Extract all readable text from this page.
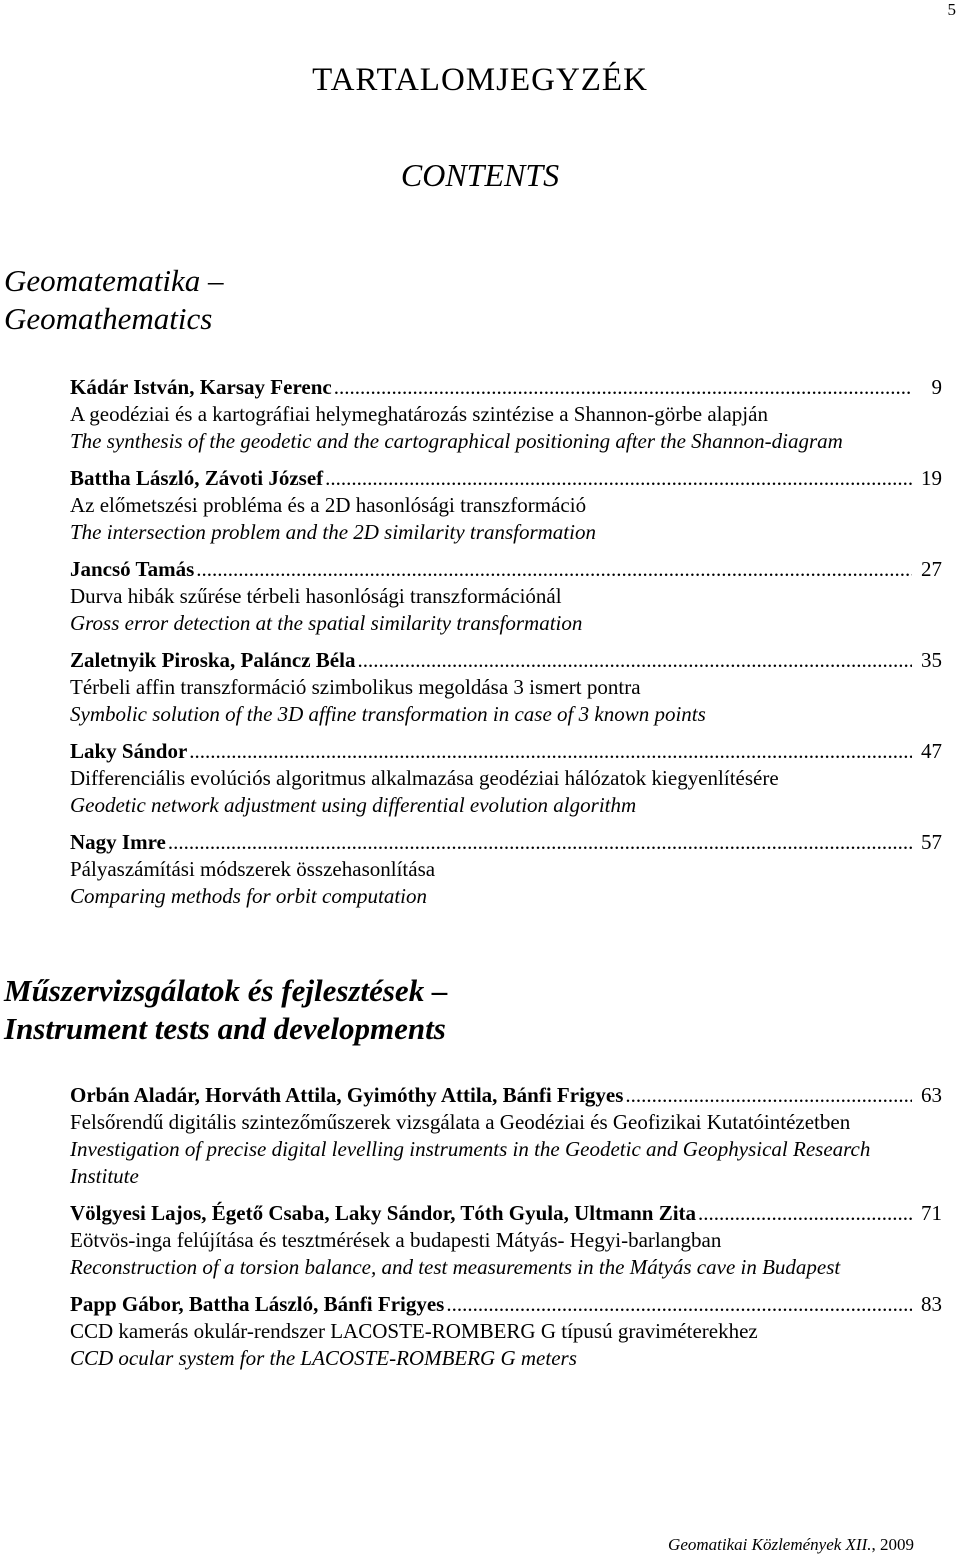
5
TARTALOMJEGYZÉK
CONTENTS
Geomatematika –
Geomathematics
Kádár István, Karsay Ferenc .....	9
A geodéziai és a kartográfiai helymeghatározás szintézise a Shannon-görbe alapján
The synthesis of the geodetic and the cartographical positioning after the Shannon-diagram
Battha László, Závoti József .....	19
Az előmetszési probléma és a 2D hasonlósági transzformáció
The intersection problem and the 2D similarity transformation
Jancsó Tamás .....	27
Durva hibák szűrése térbeli hasonlósági transzformációnál
Gross error detection at the spatial similarity transformation
Zaletnyik Piroska, Paláncz Béla .....	35
Térbeli affin transzformáció szimbolikus megoldása 3 ismert pontra
Symbolic solution of the 3D affine transformation in case of 3 known points
Laky Sándor .....	47
Differenciális evolúciós algoritmus alkalmazása geodéziai hálózatok kiegyenlítésére
Geodetic network adjustment using differential evolution algorithm
Nagy Imre .....	57
Pályaszámítási módszerek összehasonlítása
Comparing methods for orbit computation
Műszervizsgálatok és fejlesztések –
Instrument tests and developments
Orbán Aladár, Horváth Attila, Gyimóthy Attila, Bánfi Frigyes .....	63
Felsőrendű digitális szintezőműszerek vizsgálata a Geodéziai és Geofizikai Kutatóintézetben
Investigation of precise digital levelling instruments in the Geodetic and Geophysical Research Institute
Völgyesi Lajos, Égető Csaba, Laky Sándor, Tóth Gyula, Ultmann Zita .....	71
Eötvös-inga felújítása és tesztmérések a budapesti Mátyás- Hegyi-barlangban
Reconstruction of a torsion balance, and test measurements in the Mátyás cave in Budapest
Papp Gábor, Battha László, Bánfi Frigyes .....	83
CCD kamerás okulár-rendszer LACOSTE-ROMBERG G típusú graviméterekhez
CCD ocular system for the LACOSTE-ROMBERG G meters
Geomatikai Közlemények XII., 2009
